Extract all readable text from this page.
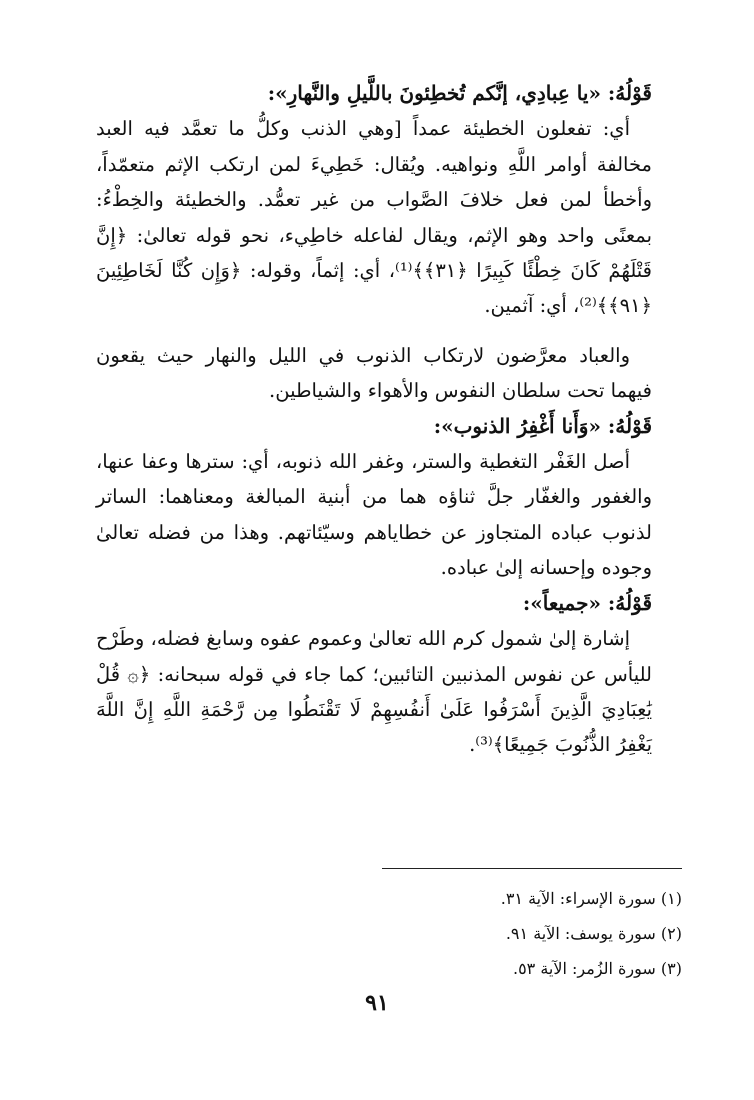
قَوْلُهُ: «يا عِبادِي، إنَّكم تُخطِئونَ باللَّيلِ والنَّهارِ»:

أي: تفعلون الخطيئة عمداً [وهي الذنب وكلُّ ما تعمَّد فيه العبد مخالفة أوامر اللَّهِ ونواهيه. ويُقال: خَطِيءَ لمن ارتكب الإثم متعمّداً، وأخطأ لمن فعل خلافَ الصَّواب من غير تعمُّد. والخطيئة والخِطْءُ: بمعنًى واحد وهو الإثم، ويقال لفاعله خاطِيء، نحو قوله تعالىٰ: ﴿إِنَّ قَتْلَهُمْ كَانَ خِطْئًا كَبِيرًا ﴿٣١﴾﴾⁽¹⁾، أي: إثماً، وقوله: ﴿وَإِن كُنَّا لَخَاطِئِينَ ﴿٩١﴾﴾⁽²⁾، أي: آثمين.

والعباد معرَّضون لارتكاب الذنوب في الليل والنهار حيث يقعون فيهما تحت سلطان النفوس والأهواء والشياطين.

قَوْلُهُ: «وَأَنا أَغْفِرُ الذنوب»:

أصل الغَفْر التغطية والستر، وغفر الله ذنوبه، أي: سترها وعفا عنها، والغفور والغفّار جلَّ ثناؤه هما من أبنية المبالغة ومعناهما: الساتر لذنوب عباده المتجاوز عن خطاياهم وسيّئاتهم. وهذا من فضله تعالىٰ وجوده وإحسانه إلىٰ عباده.

قَوْلُهُ: «جميعاً»:

إشارة إلىٰ شمول كرم الله تعالىٰ وعموم عفوه وسابغ فضله، وطَرْح لليأس عن نفوس المذنبين التائبين؛ كما جاء في قوله سبحانه: ﴿۞ قُلْ يَٰعِبَادِيَ الَّذِينَ أَسْرَفُوا عَلَىٰ أَنفُسِهِمْ لَا تَقْنَطُوا مِن رَّحْمَةِ اللَّهِ إِنَّ اللَّهَ يَغْفِرُ الذُّنُوبَ جَمِيعًا﴾⁽³⁾.

(١) سورة الإسراء: الآية ٣١.
(٢) سورة يوسف: الآية ٩١.
(٣) سورة الزُمر: الآية ٥٣.
٩١
